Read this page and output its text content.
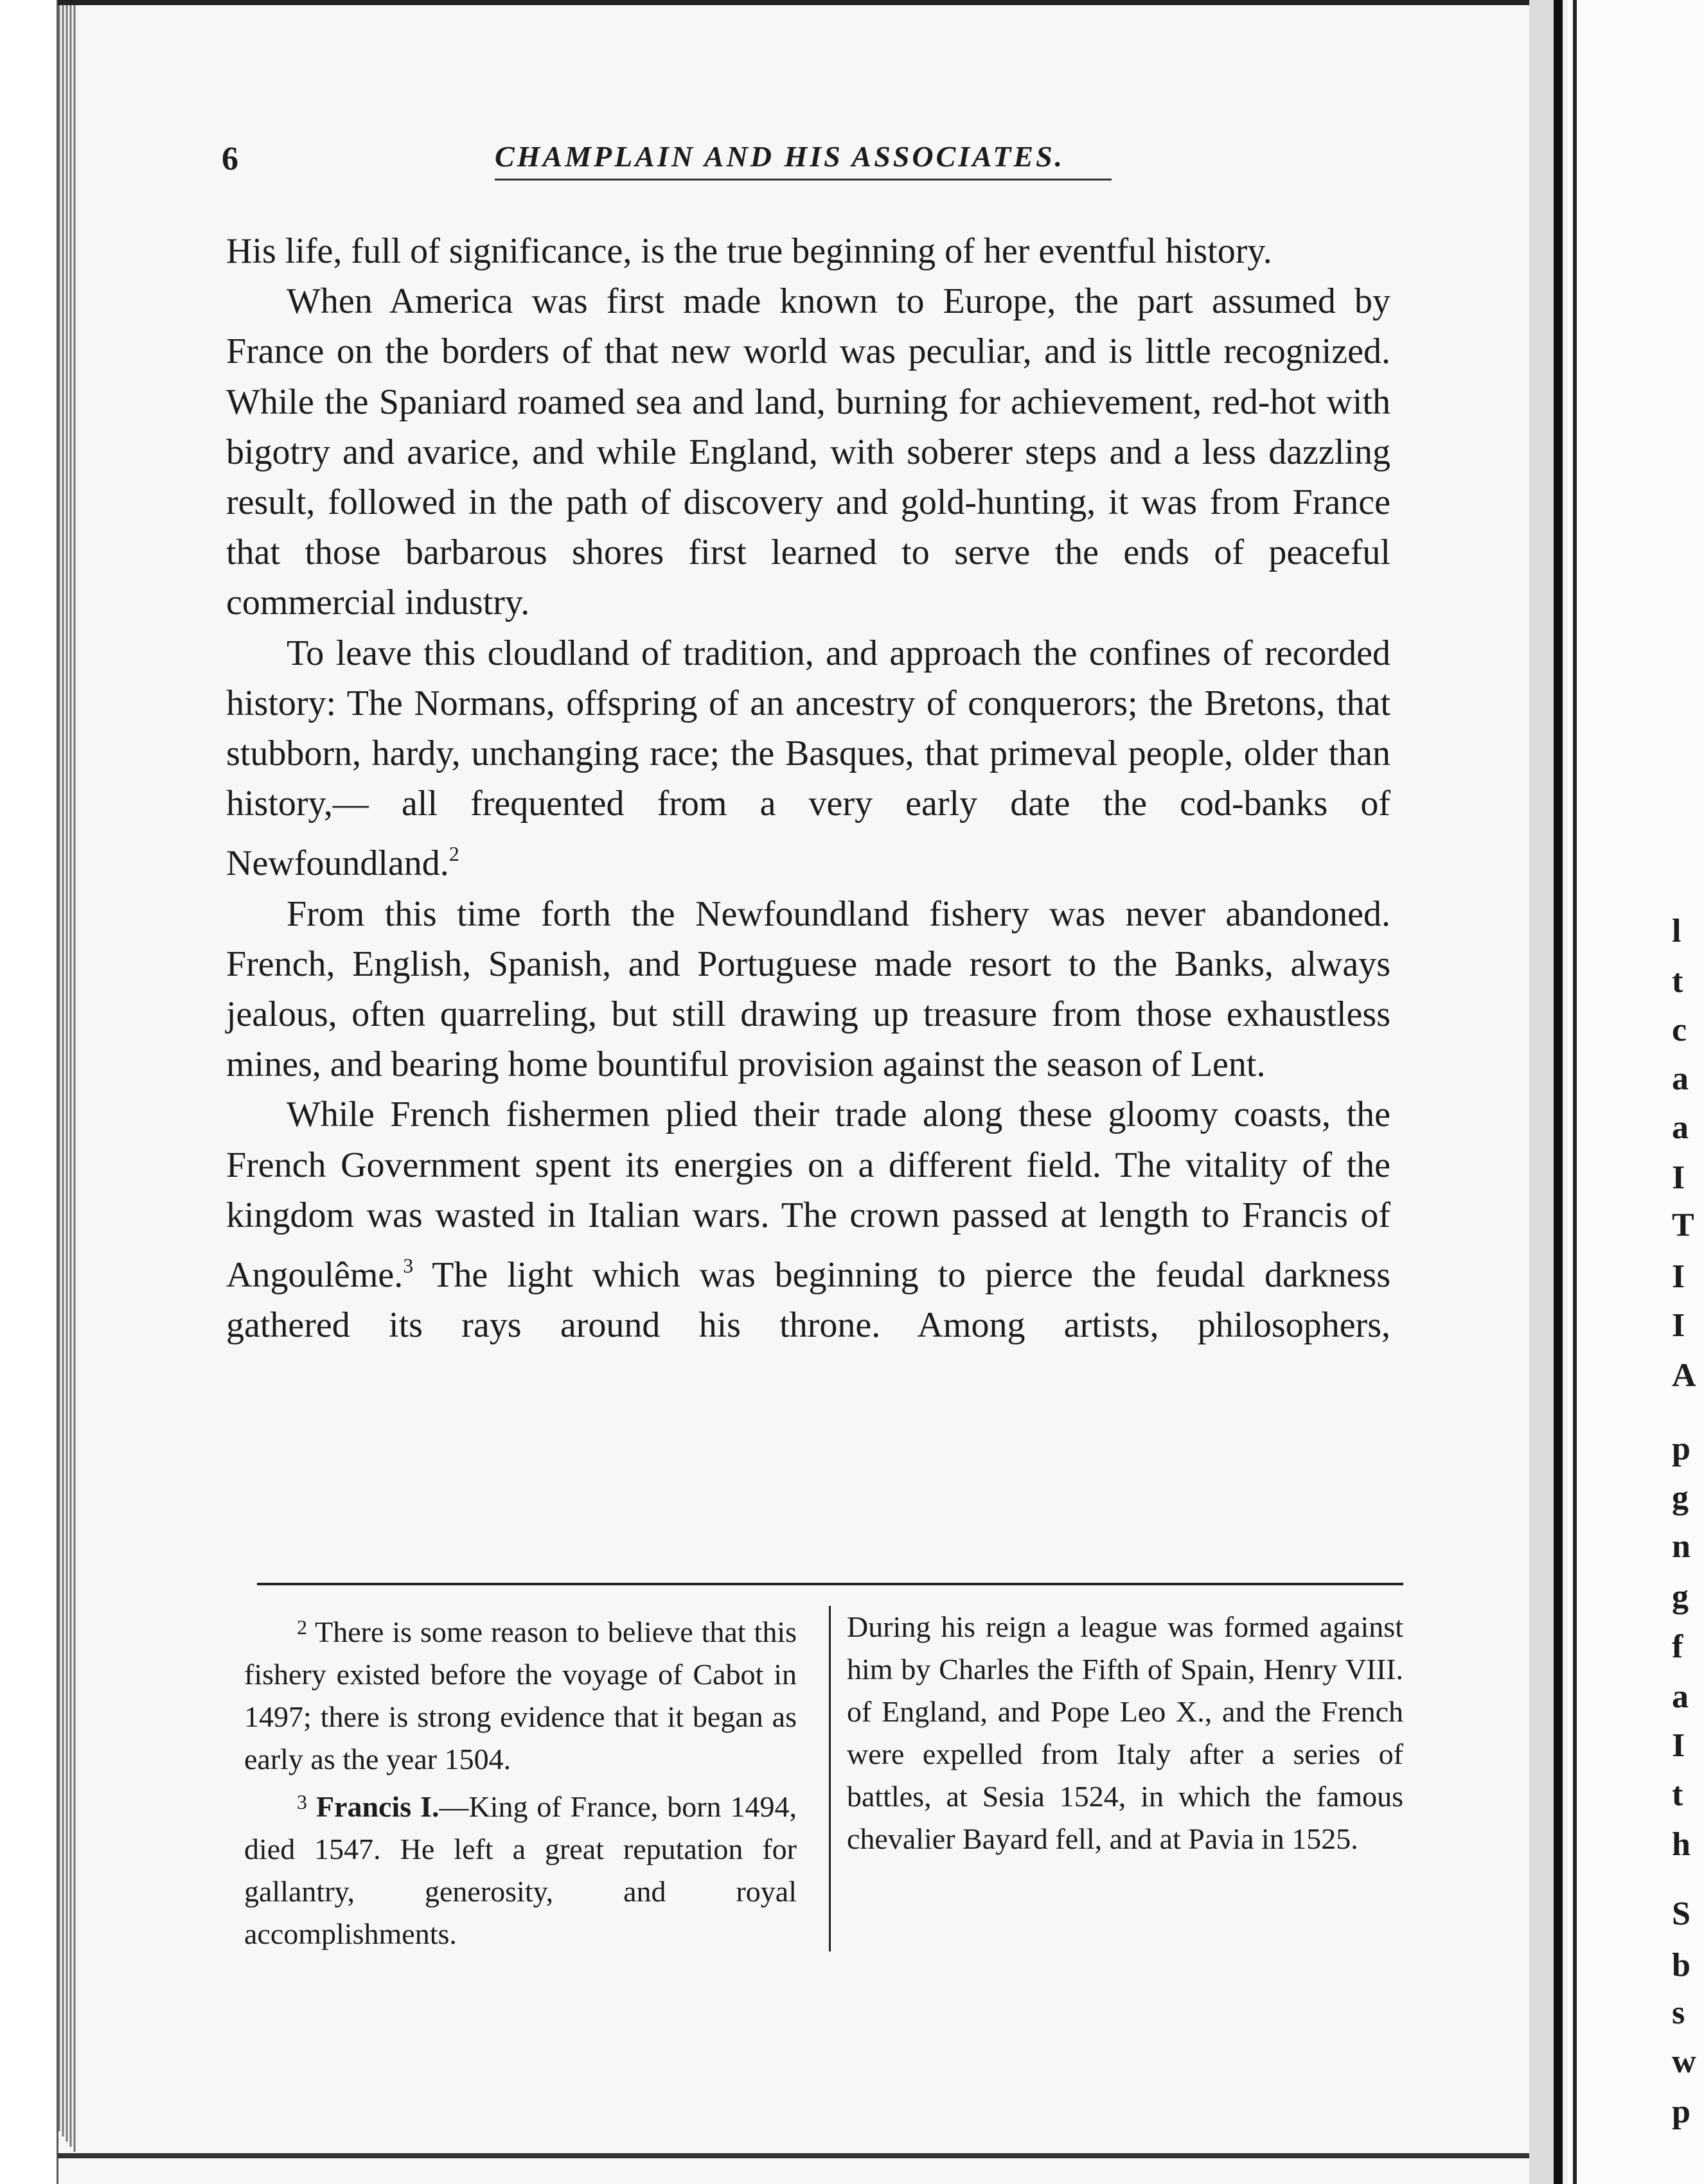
6	CHAMPLAIN AND HIS ASSOCIATES.

His life, full of significance, is the true beginning of her eventful history.

When America was first made known to Europe, the part assumed by France on the borders of that new world was peculiar, and is little recognized. While the Spaniard roamed sea and land, burning for achievement, red-hot with bigotry and avarice, and while England, with soberer steps and a less dazzling result, followed in the path of discovery and gold-hunting, it was from France that those barbarous shores first learned to serve the ends of peaceful commercial industry.

To leave this cloudland of tradition, and approach the confines of recorded history: The Normans, offspring of an ancestry of conquerors; the Bretons, that stubborn, hardy, unchanging race; the Basques, that primeval people, older than history,— all frequented from a very early date the cod-banks of Newfoundland.$^2$

From this time forth the Newfoundland fishery was never abandoned. French, English, Spanish, and Portuguese made resort to the Banks, always jealous, often quarreling, but still drawing up treasure from those exhaustless mines, and bearing home bountiful provision against the season of Lent.

While French fishermen plied their trade along these gloomy coasts, the French Government spent its energies on a different field. The vitality of the kingdom was wasted in Italian wars. The crown passed at length to Francis of Angoulême.$^3$ The light which was beginning to pierce the feudal darkness gathered its rays around his throne. Among artists, philosophers,

$^2$ There is some reason to believe that this fishery existed before the voyage of Cabot in 1497; there is strong evidence that it began as early as the year 1504.

$^3$ Francis I.—King of France, born 1494, died 1547. He left a great reputation for gallantry, generosity, and royal accomplishments.

During his reign a league was formed against him by Charles the Fifth of Spain, Henry VIII. of England, and Pope Leo X., and the French were expelled from Italy after a series of battles, at Sesia 1524, in which the famous chevalier Bayard fell, and at Pavia in 1525.

l
t
c
a
a
I
T
I
I
A
p
g
n
g
f
a
I
t
h
S
b
s
w
p
